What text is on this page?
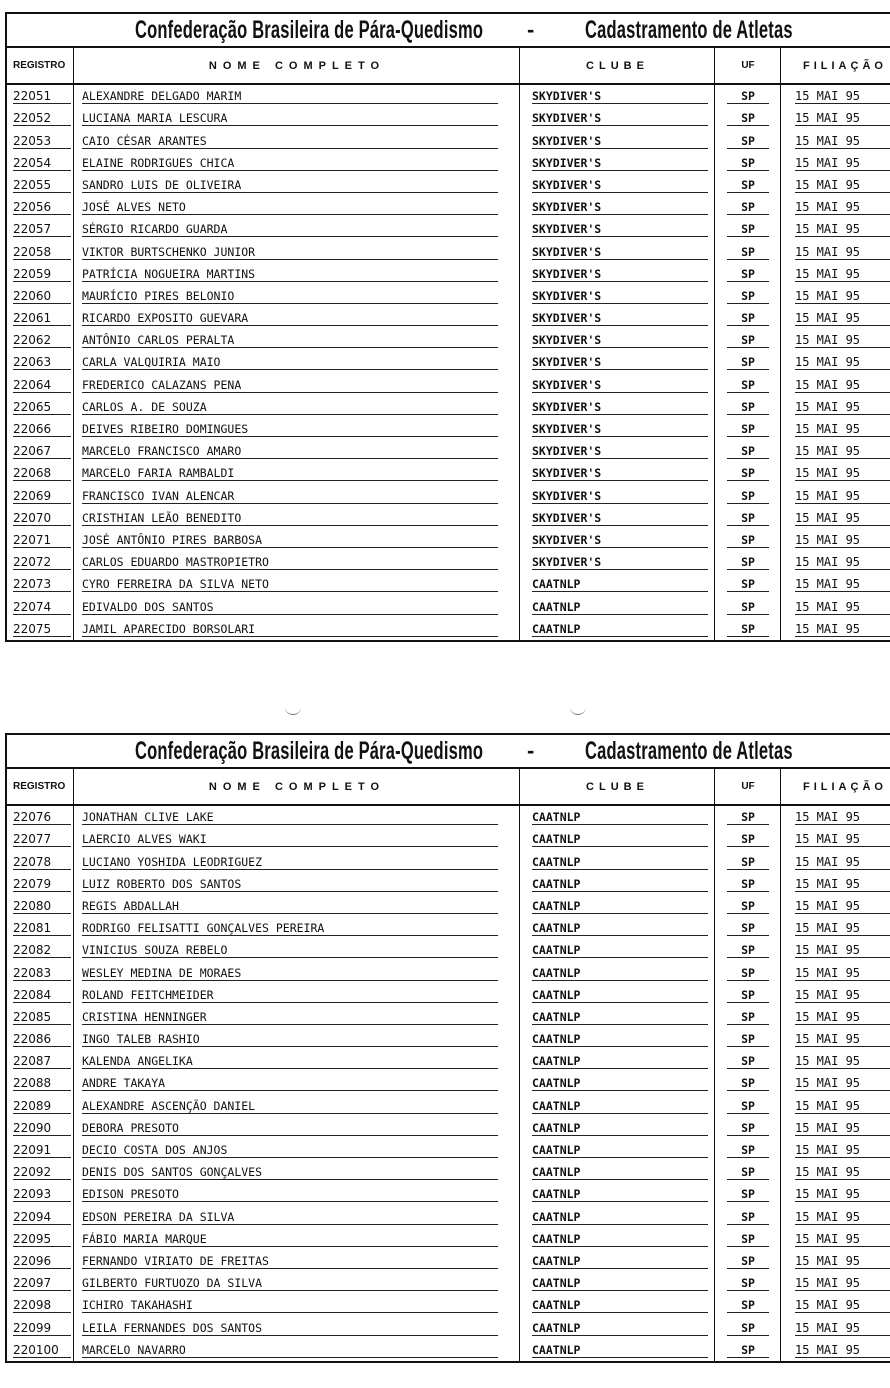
Confederação Brasileira de Pára-Quedismo - Cadastramento de Atletas
REGISTRO	NOME COMPLETO	CLUBE	UF	FILIAÇÃO
22051	ALEXANDRE DELGADO MARIM	SKYDIVER'S	SP	15 MAI 95
22052	LUCIANA MARIA LESCURA	SKYDIVER'S	SP	15 MAI 95
22053	CAIO CÉSAR ARANTES	SKYDIVER'S	SP	15 MAI 95
22054	ELAINE RODRIGUES CHICA	SKYDIVER'S	SP	15 MAI 95
22055	SANDRO LUIS DE OLIVEIRA	SKYDIVER'S	SP	15 MAI 95
22056	JOSÉ ALVES NETO	SKYDIVER'S	SP	15 MAI 95
22057	SÉRGIO RICARDO GUARDA	SKYDIVER'S	SP	15 MAI 95
22058	VIKTOR BURTSCHENKO JUNIOR	SKYDIVER'S	SP	15 MAI 95
22059	PATRÍCIA NOGUEIRA MARTINS	SKYDIVER'S	SP	15 MAI 95
22060	MAURÍCIO PIRES BELONIO	SKYDIVER'S	SP	15 MAI 95
22061	RICARDO EXPOSITO GUEVARA	SKYDIVER'S	SP	15 MAI 95
22062	ANTÔNIO CARLOS PERALTA	SKYDIVER'S	SP	15 MAI 95
22063	CARLA VALQUIRIA MAIO	SKYDIVER'S	SP	15 MAI 95
22064	FREDERICO CALAZANS PENA	SKYDIVER'S	SP	15 MAI 95
22065	CARLOS A. DE SOUZA	SKYDIVER'S	SP	15 MAI 95
22066	DEIVES RIBEIRO DOMINGUES	SKYDIVER'S	SP	15 MAI 95
22067	MARCELO FRANCISCO AMARO	SKYDIVER'S	SP	15 MAI 95
22068	MARCELO FARIA RAMBALDI	SKYDIVER'S	SP	15 MAI 95
22069	FRANCISCO IVAN ALENCAR	SKYDIVER'S	SP	15 MAI 95
22070	CRISTHIAN LEÃO BENEDITO	SKYDIVER'S	SP	15 MAI 95
22071	JOSÉ ANTÔNIO PIRES BARBOSA	SKYDIVER'S	SP	15 MAI 95
22072	CARLOS EDUARDO MASTROPIETRO	SKYDIVER'S	SP	15 MAI 95
22073	CYRO FERREIRA DA SILVA NETO	CAATNLP	SP	15 MAI 95
22074	EDIVALDO DOS SANTOS	CAATNLP	SP	15 MAI 95
22075	JAMIL APARECIDO BORSOLARI	CAATNLP	SP	15 MAI 95
Confederação Brasileira de Pára-Quedismo - Cadastramento de Atletas
REGISTRO	NOME COMPLETO	CLUBE	UF	FILIAÇÃO
22076	JONATHAN CLIVE LAKE	CAATNLP	SP	15 MAI 95
22077	LAERCIO ALVES WAKI	CAATNLP	SP	15 MAI 95
22078	LUCIANO YOSHIDA LEODRIGUEZ	CAATNLP	SP	15 MAI 95
22079	LUIZ ROBERTO DOS SANTOS	CAATNLP	SP	15 MAI 95
22080	REGIS ABDALLAH	CAATNLP	SP	15 MAI 95
22081	RODRIGO FELISATTI GONÇALVES PEREIRA	CAATNLP	SP	15 MAI 95
22082	VINICIUS SOUZA REBELO	CAATNLP	SP	15 MAI 95
22083	WESLEY MEDINA DE MORAES	CAATNLP	SP	15 MAI 95
22084	ROLAND FEITCHMEIDER	CAATNLP	SP	15 MAI 95
22085	CRISTINA HENNINGER	CAATNLP	SP	15 MAI 95
22086	INGO TALEB RASHIO	CAATNLP	SP	15 MAI 95
22087	KALENDA ANGELIKA	CAATNLP	SP	15 MAI 95
22088	ANDRE TAKAYA	CAATNLP	SP	15 MAI 95
22089	ALEXANDRE ASCENÇÃO DANIEL	CAATNLP	SP	15 MAI 95
22090	DEBORA PRESOTO	CAATNLP	SP	15 MAI 95
22091	DECIO COSTA DOS ANJOS	CAATNLP	SP	15 MAI 95
22092	DENIS DOS SANTOS GONÇALVES	CAATNLP	SP	15 MAI 95
22093	EDISON PRESOTO	CAATNLP	SP	15 MAI 95
22094	EDSON PEREIRA DA SILVA	CAATNLP	SP	15 MAI 95
22095	FÁBIO MARIA MARQUE	CAATNLP	SP	15 MAI 95
22096	FERNANDO VIRIATO DE FREITAS	CAATNLP	SP	15 MAI 95
22097	GILBERTO FURTUOZO DA SILVA	CAATNLP	SP	15 MAI 95
22098	ICHIRO TAKAHASHI	CAATNLP	SP	15 MAI 95
22099	LEILA FERNANDES DOS SANTOS	CAATNLP	SP	15 MAI 95
220100	MARCELO NAVARRO	CAATNLP	SP	15 MAI 95
